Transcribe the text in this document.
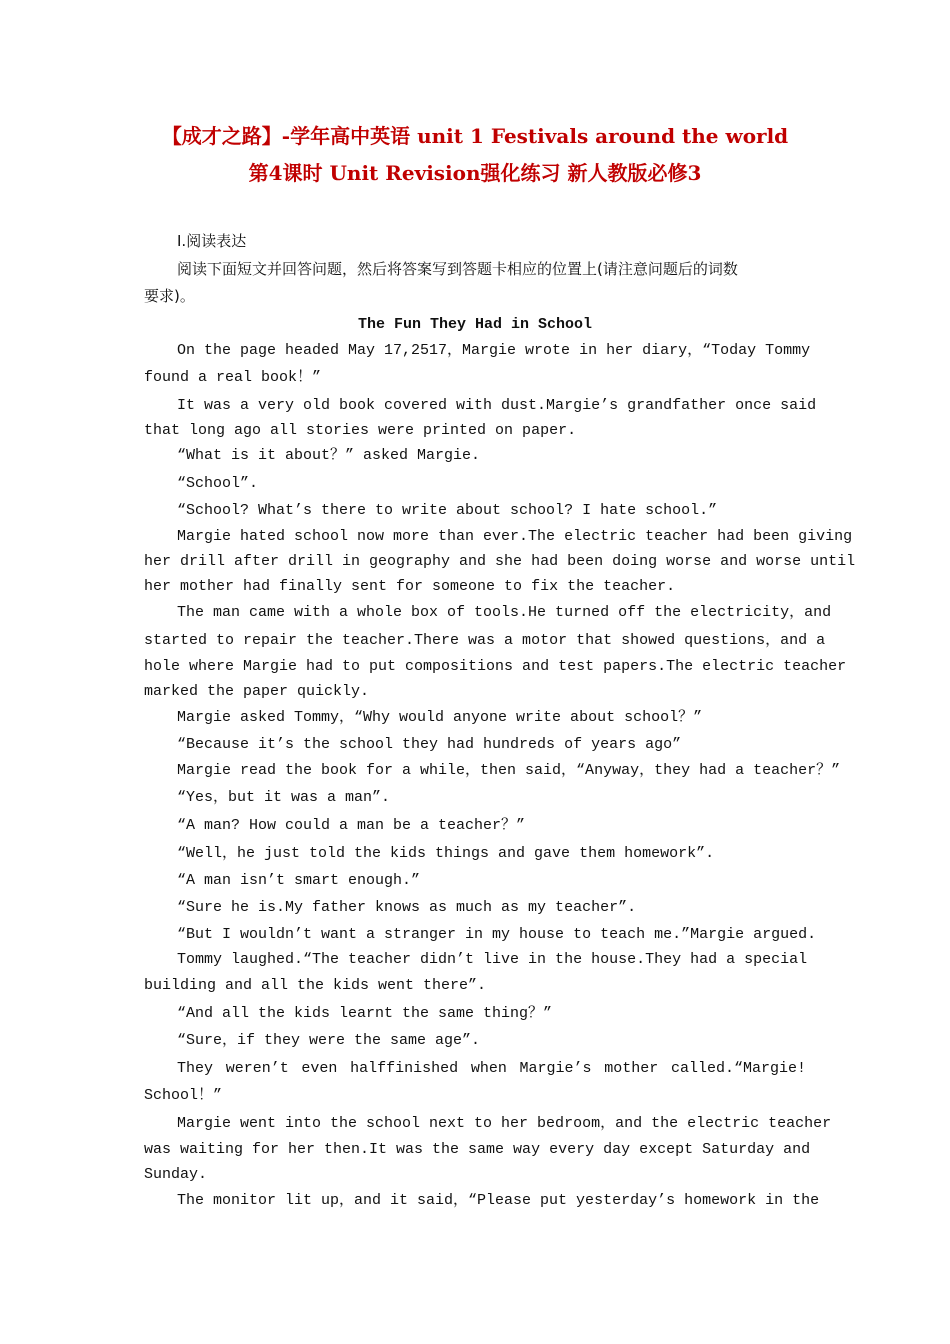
【成才之路】-学年高中英语 unit 1 Festivals around the world
第4课时 Unit Revision强化练习 新人教版必修3
Ⅰ.阅读表达
阅读下面短文并回答问题，然后将答案写到答题卡相应的位置上(请注意问题后的词数
要求)。
The Fun They Had in School
On the page headed May 17,2517，Margie wrote in her diary，“Today Tommy
found a real book！”
It was a very old book covered with dust.Margie’s grandfather once said
that long ago all stories were printed on paper.
“What is it about？” asked Margie.
“School”.
“School? What’s there to write about school? I hate school.”
Margie hated school now more than ever.The electric teacher had been giving
her drill after drill in geography and she had been doing worse and worse until
her mother had finally sent for someone to fix the teacher.
The man came with a whole box of tools.He turned off the electricity，and
started to repair the teacher.There was a motor that showed questions，and a
hole where Margie had to put compositions and test papers.The electric teacher
marked the paper quickly.
Margie asked Tommy，“Why would anyone write about school？”
“Because it’s the school they had hundreds of years ago”
Margie read the book for a while，then said，“Anyway，they had a teacher？”
“Yes，but it was a man”.
“A man? How could a man be a teacher？”
“Well，he just told the kids things and gave them homework”.
“A man isn’t smart enough.”
“Sure he is.My father knows as much as my teacher”.
“But I wouldn’t want a stranger in my house to teach me.”Margie argued.
Tommy laughed.“The teacher didn’t live in the house.They had a special
building and all the kids went there”.
“And all the kids learnt the same thing？”
“Sure，if they were the same age”.
They weren’t even halffinished when Margie’s mother called.“Margie!
School！”
Margie went into the school next to her bedroom，and the electric teacher
was waiting for her then.It was the same way every day except Saturday and
Sunday.
The monitor lit up，and it said，“Please put yesterday’s homework in the
